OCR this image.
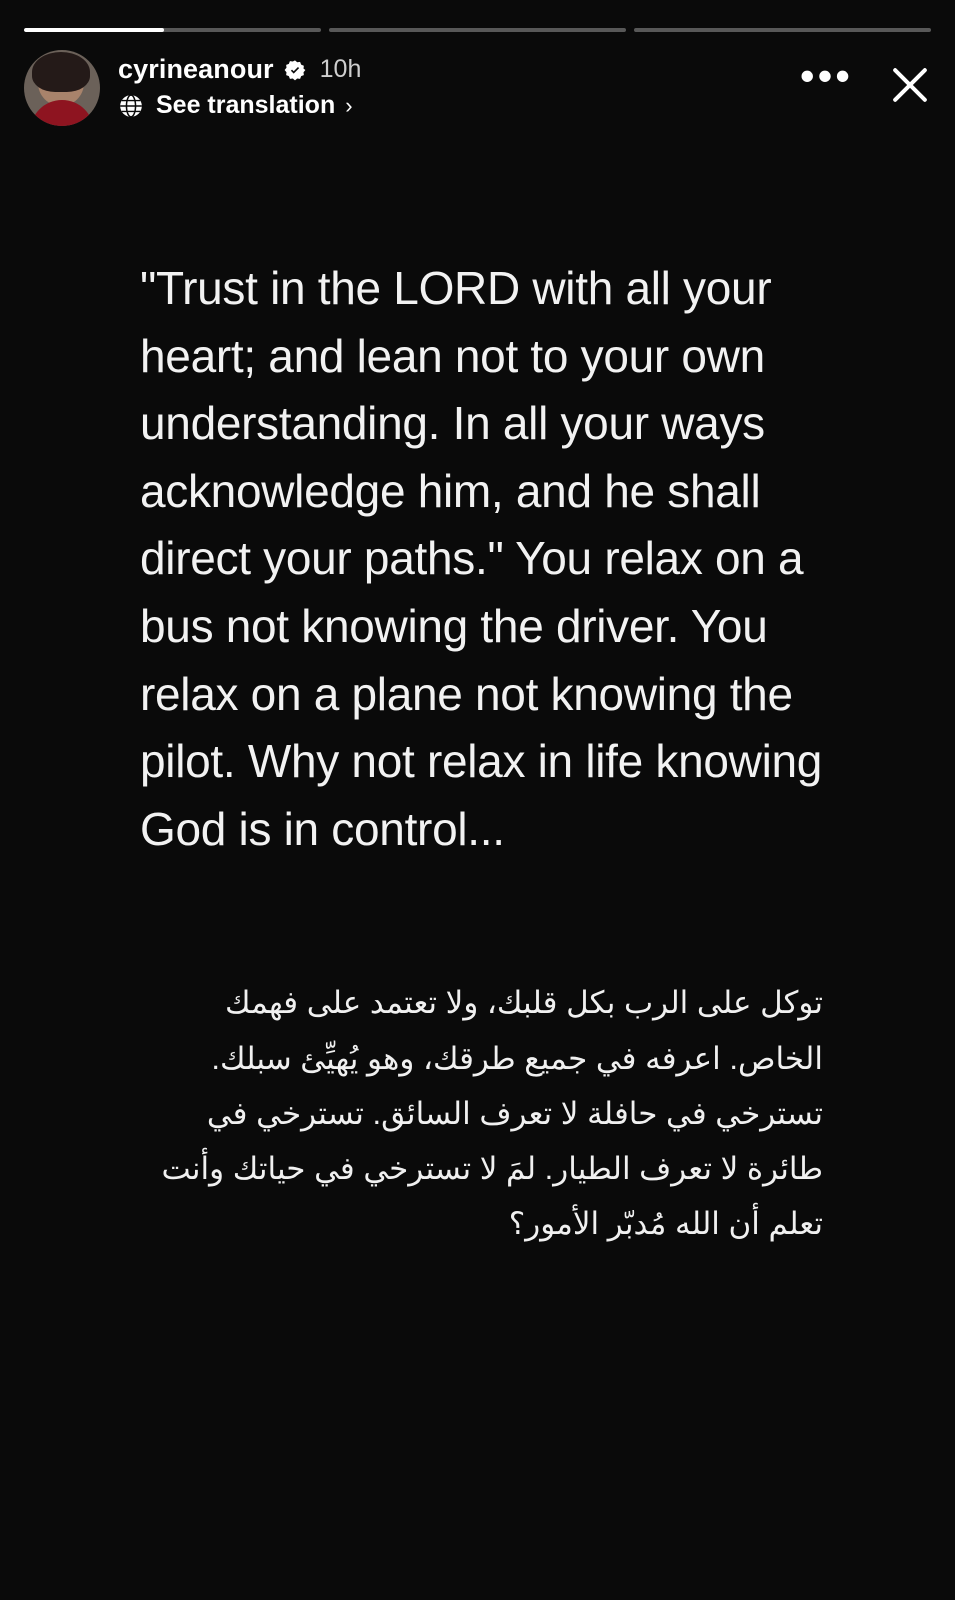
cyrineanour 10h
See translation ›
•••
"Trust in the LORD with all your heart; and lean not to your own understanding. In all your ways acknowledge him, and he shall direct your paths." You relax on a bus not knowing the driver. You relax on a plane not knowing the pilot. Why not relax in life knowing God is in control...
توكل على الرب بكل قلبك، ولا تعتمد على فهمك الخاص. اعرفه في جميع طرقك، وهو يُهيِّئ سبلك. تسترخي في حافلة لا تعرف السائق. تسترخي في طائرة لا تعرف الطيار. لمَ لا تسترخي في حياتك وأنت تعلم أن الله مُدبّر الأمور؟
